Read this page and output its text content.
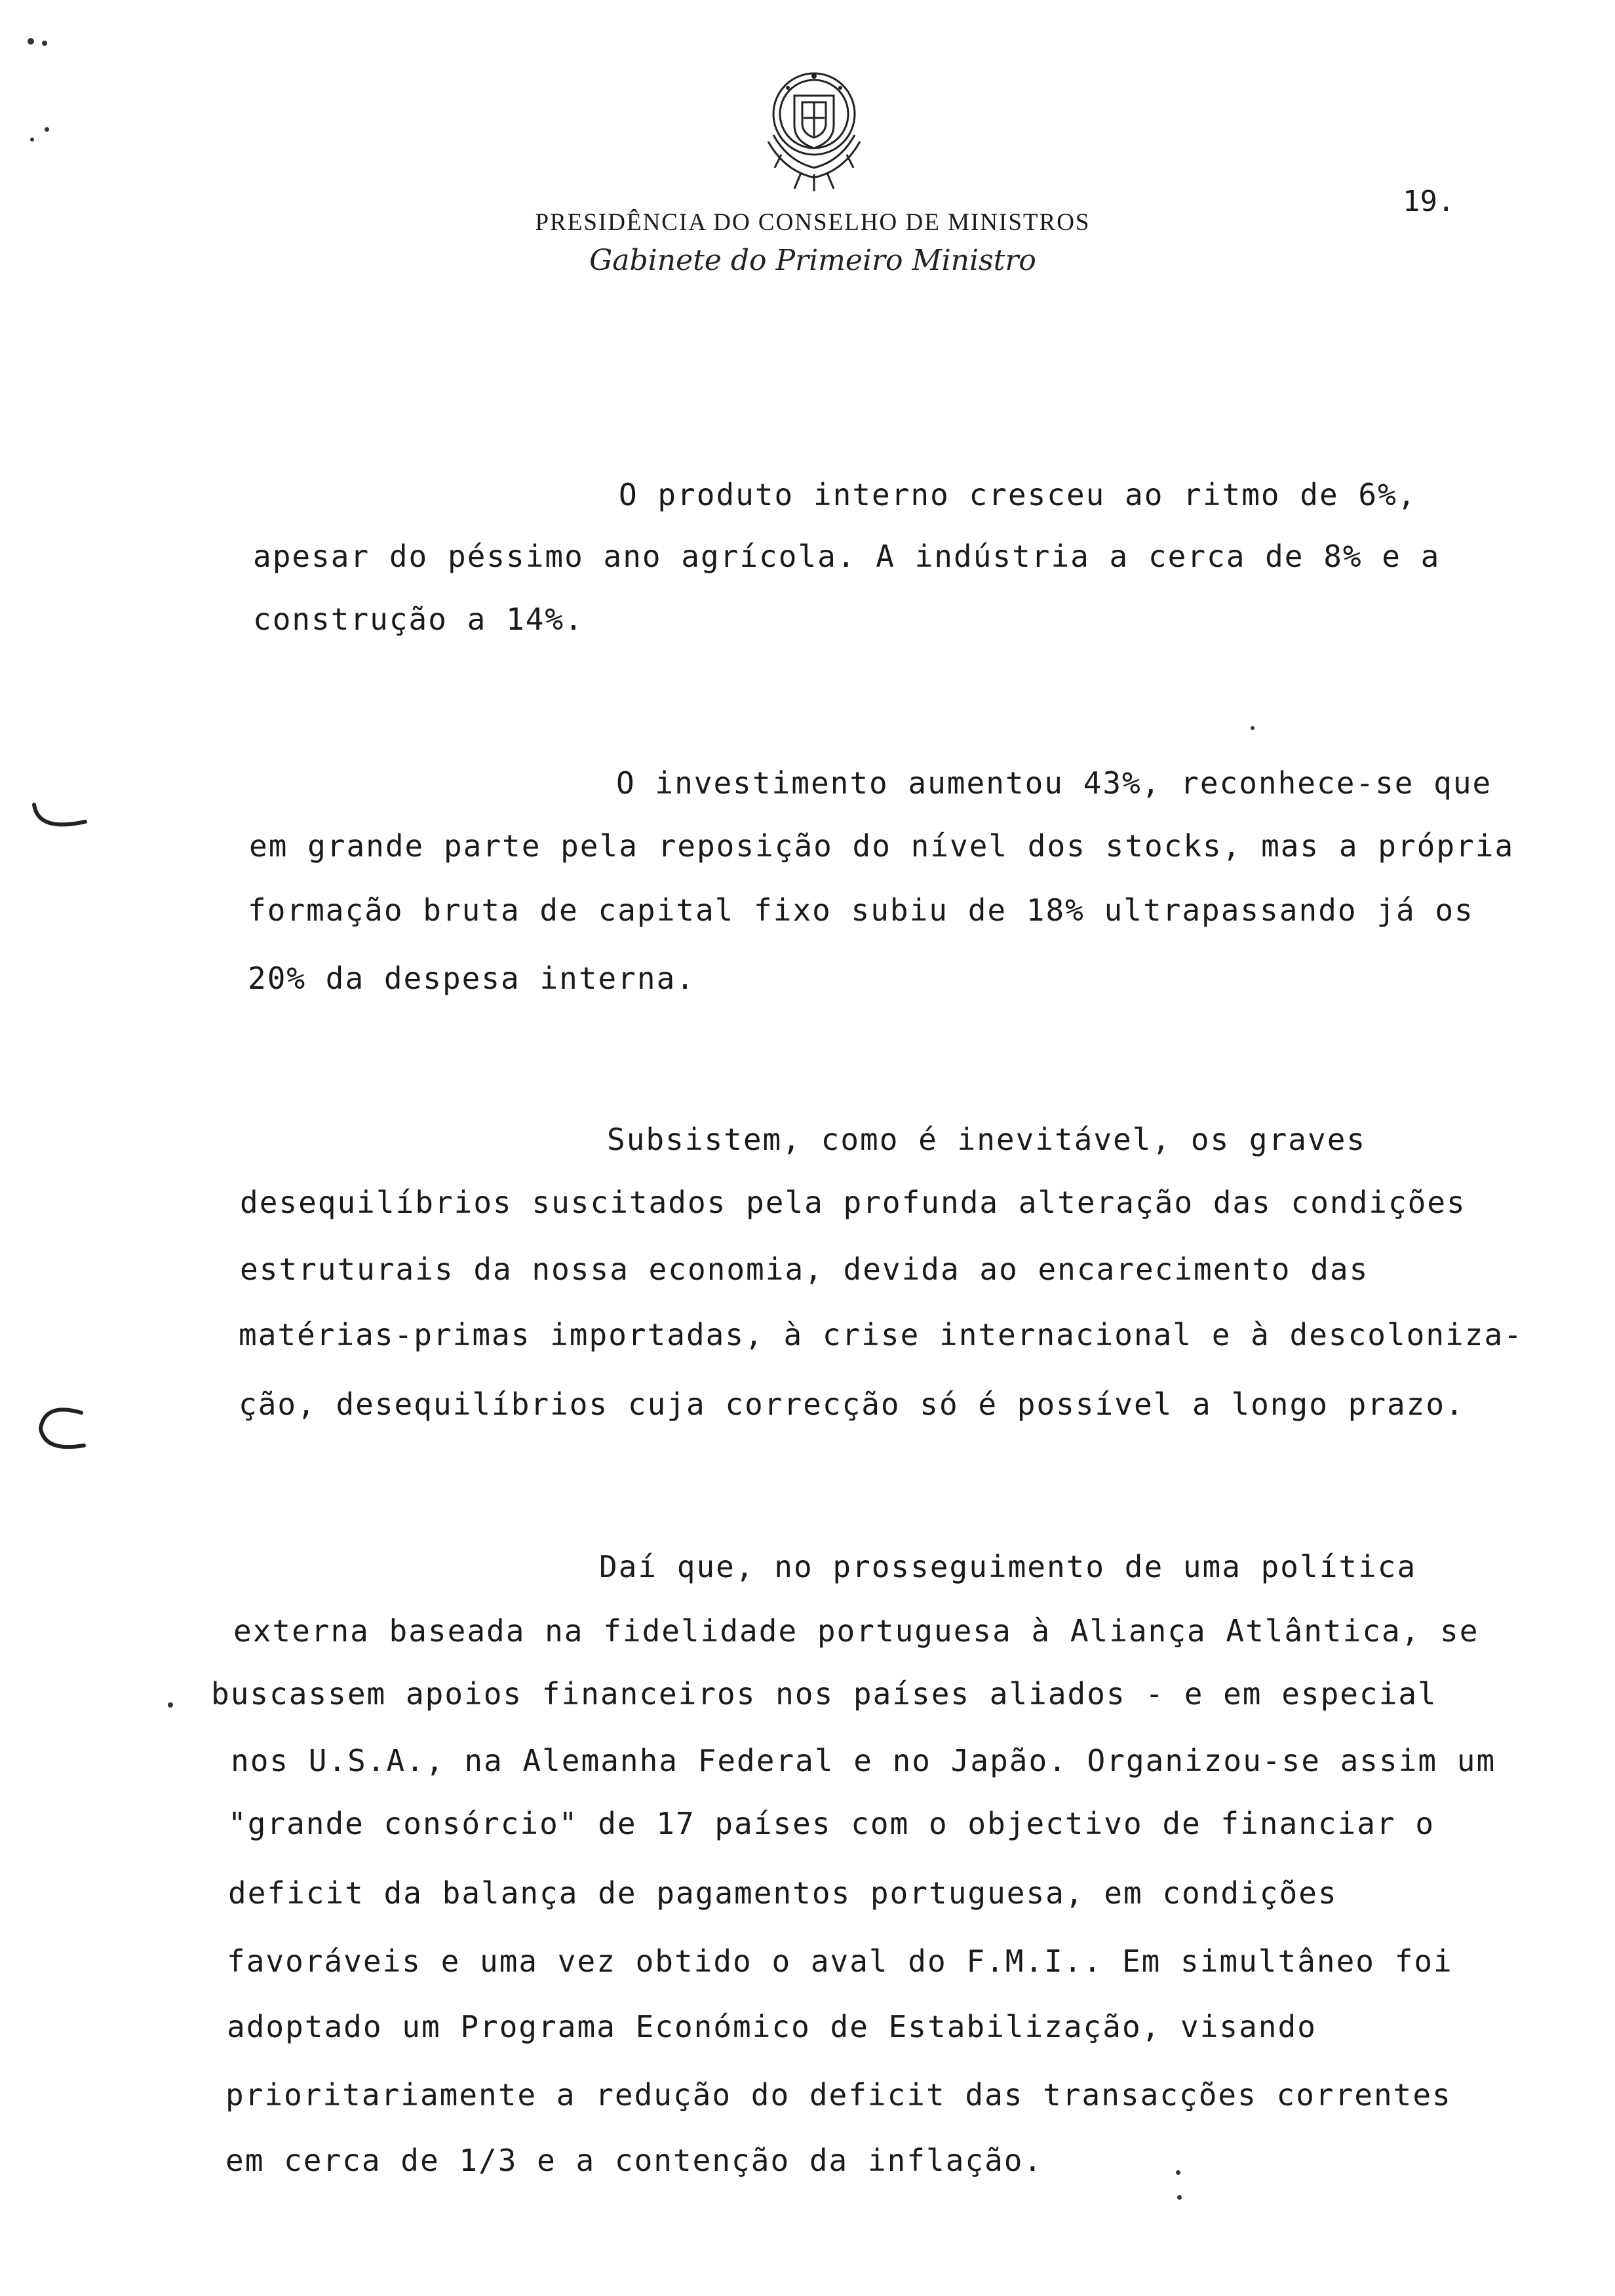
PRESIDÊNCIA DO CONSELHO DE MINISTROS
Gabinete do Primeiro Ministro
19.
O produto interno cresceu ao ritmo de 6%,
apesar do péssimo ano agrícola. A indústria a cerca de 8% e a
construção a 14%.
O investimento aumentou 43%, reconhece-se que
em grande parte pela reposição do nível dos stocks, mas a própria
formação bruta de capital fixo subiu de 18% ultrapassando já os
20% da despesa interna.
Subsistem, como é inevitável, os graves
desequilíbrios suscitados pela profunda alteração das condições
estruturais da nossa economia, devida ao encarecimento das
matérias-primas importadas, à crise internacional e à descoloniza-
ção, desequilíbrios cuja correcção só é possível a longo prazo.
Daí que, no prosseguimento de uma política
externa baseada na fidelidade portuguesa à Aliança Atlântica, se
buscassem apoios financeiros nos países aliados - e em especial
nos U.S.A., na Alemanha Federal e no Japão. Organizou-se assim um
"grande consórcio" de 17 países com o objectivo de financiar o
deficit da balança de pagamentos portuguesa, em condições
favoráveis e uma vez obtido o aval do F.M.I.. Em simultâneo foi
adoptado um Programa Económico de Estabilização, visando
prioritariamente a redução do deficit das transacções correntes
em cerca de 1/3 e a contenção da inflação.
